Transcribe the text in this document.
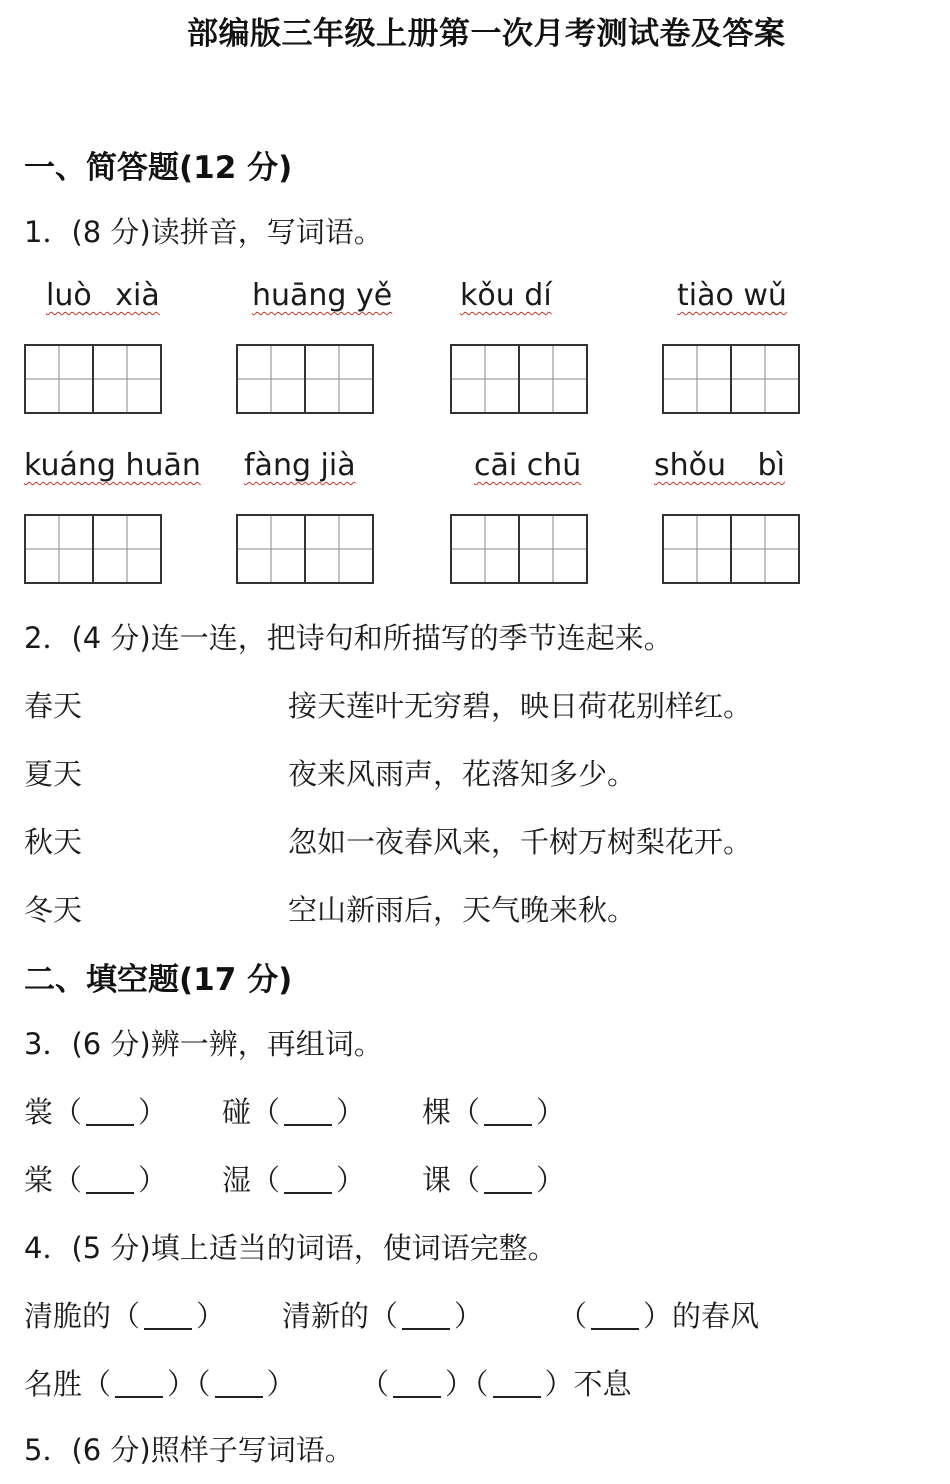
部编版三年级上册第一次月考测试卷及答案
一、简答题(12 分)
1．(8 分)读拼音，写词语。
luò xià	huāng yě kǒu dí	tiào wǔ
kuáng huān fàng jià	cāi chū shǒu bì
2．(4 分)连一连，把诗句和所描写的季节连起来。
春天	接天莲叶无穷碧，映日荷花别样红。
夏天	夜来风雨声，花落知多少。
秋天	忽如一夜春风来，千树万树梨花开。
冬天	空山新雨后，天气晚来秋。
二、填空题(17 分)
3．(6 分)辨一辨，再组词。
裳（ ） 碰（ ） 棵（ ）
棠（ ） 湿（ ） 课（ ）
4．(5 分)填上适当的词语，使词语完整。
清脆的（ ） 清新的（ ）	（ ）的春风
名胜（ ）（ ） （ ）（ ）不息
5．(6 分)照样子写词语。
